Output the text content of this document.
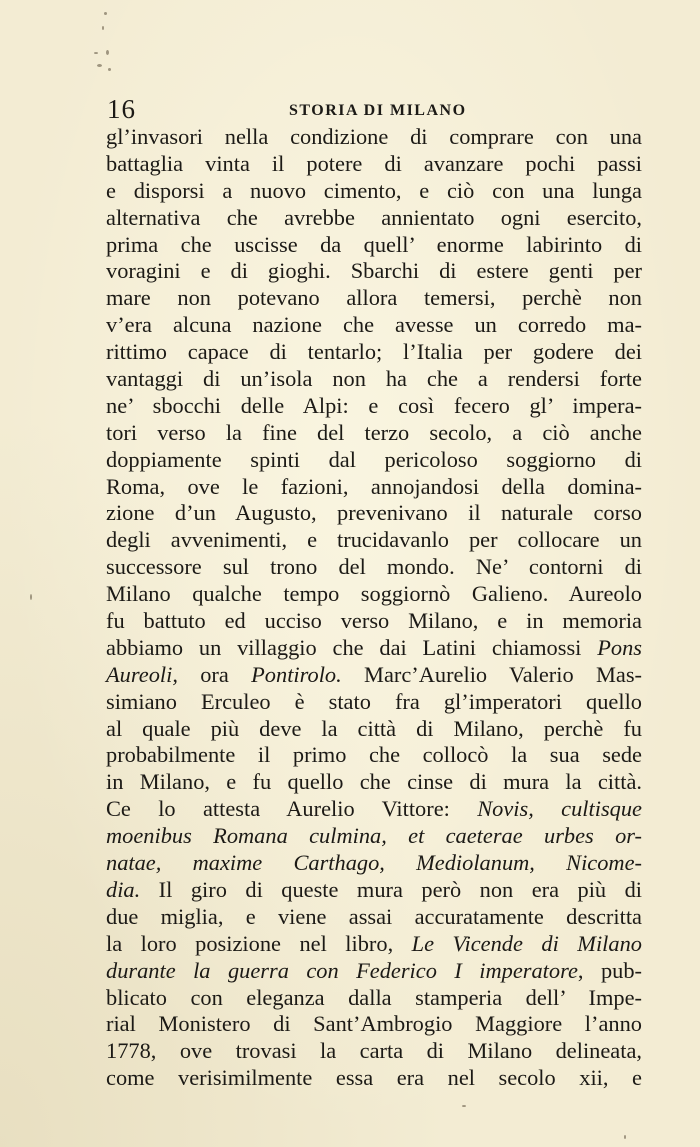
16	STORIA DI MILANO
gl’invasori nella condizione di comprare con una
battaglia vinta il potere di avanzare pochi passi
e disporsi a nuovo cimento, e ciò con una lunga
alternativa che avrebbe annientato ogni esercito,
prima che uscisse da quell’ enorme labirinto di
voragini e di gioghi. Sbarchi di estere genti per
mare non potevano allora temersi, perchè non
v’era alcuna nazione che avesse un corredo ma-
rittimo capace di tentarlo; l’Italia per godere dei
vantaggi di un’isola non ha che a rendersi forte
ne’ sbocchi delle Alpi: e così fecero gl’ impera-
tori verso la fine del terzo secolo, a ciò anche
doppiamente spinti dal pericoloso soggiorno di
Roma, ove le fazioni, annojandosi della domina-
zione d’un Augusto, prevenivano il naturale corso
degli avvenimenti, e trucidavanlo per collocare un
successore sul trono del mondo. Ne’ contorni di
Milano qualche tempo soggiornò Galieno. Aureolo
fu battuto ed ucciso verso Milano, e in memoria
abbiamo un villaggio che dai Latini chiamossi Pons
Aureoli, ora Pontirolo. Marc’Aurelio Valerio Mas-
simiano Erculeo è stato fra gl’imperatori quello
al quale più deve la città di Milano, perchè fu
probabilmente il primo che collocò la sua sede
in Milano, e fu quello che cinse di mura la città.
Ce lo attesta Aurelio Vittore: Novis, cultisque
moenibus Romana culmina, et caeterae urbes or-
natae, maxime Carthago, Mediolanum, Nicome-
dia. Il giro di queste mura però non era più di
due miglia, e viene assai accuratamente descritta
la loro posizione nel libro, Le Vicende di Milano
durante la guerra con Federico I imperatore, pub-
blicato con eleganza dalla stamperia dell’ Impe-
rial Monistero di Sant’Ambrogio Maggiore l’anno
1778, ove trovasi la carta di Milano delineata,
come verisimilmente essa era nel secolo xii, e
